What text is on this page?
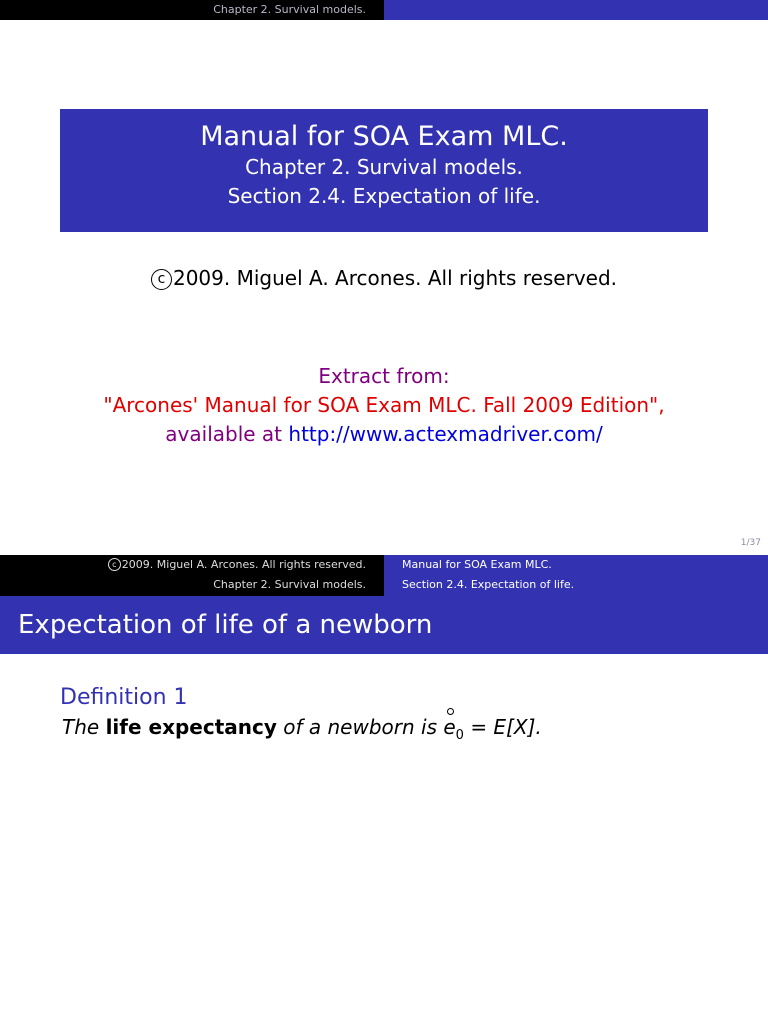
Chapter 2. Survival models.
Manual for SOA Exam MLC.
Chapter 2. Survival models.
Section 2.4. Expectation of life.
c 2009. Miguel A. Arcones. All rights reserved.
Extract from:
"Arcones' Manual for SOA Exam MLC. Fall 2009 Edition",
available at http://www.actexmadriver.com/
1/37
c 2009. Miguel A. Arcones. All rights reserved.
Chapter 2. Survival models.
Manual for SOA Exam MLC.
Section 2.4. Expectation of life.
Expectation of life of a newborn
Definition 1
The life expectancy of a newborn is $e_0 = E[X]$.
